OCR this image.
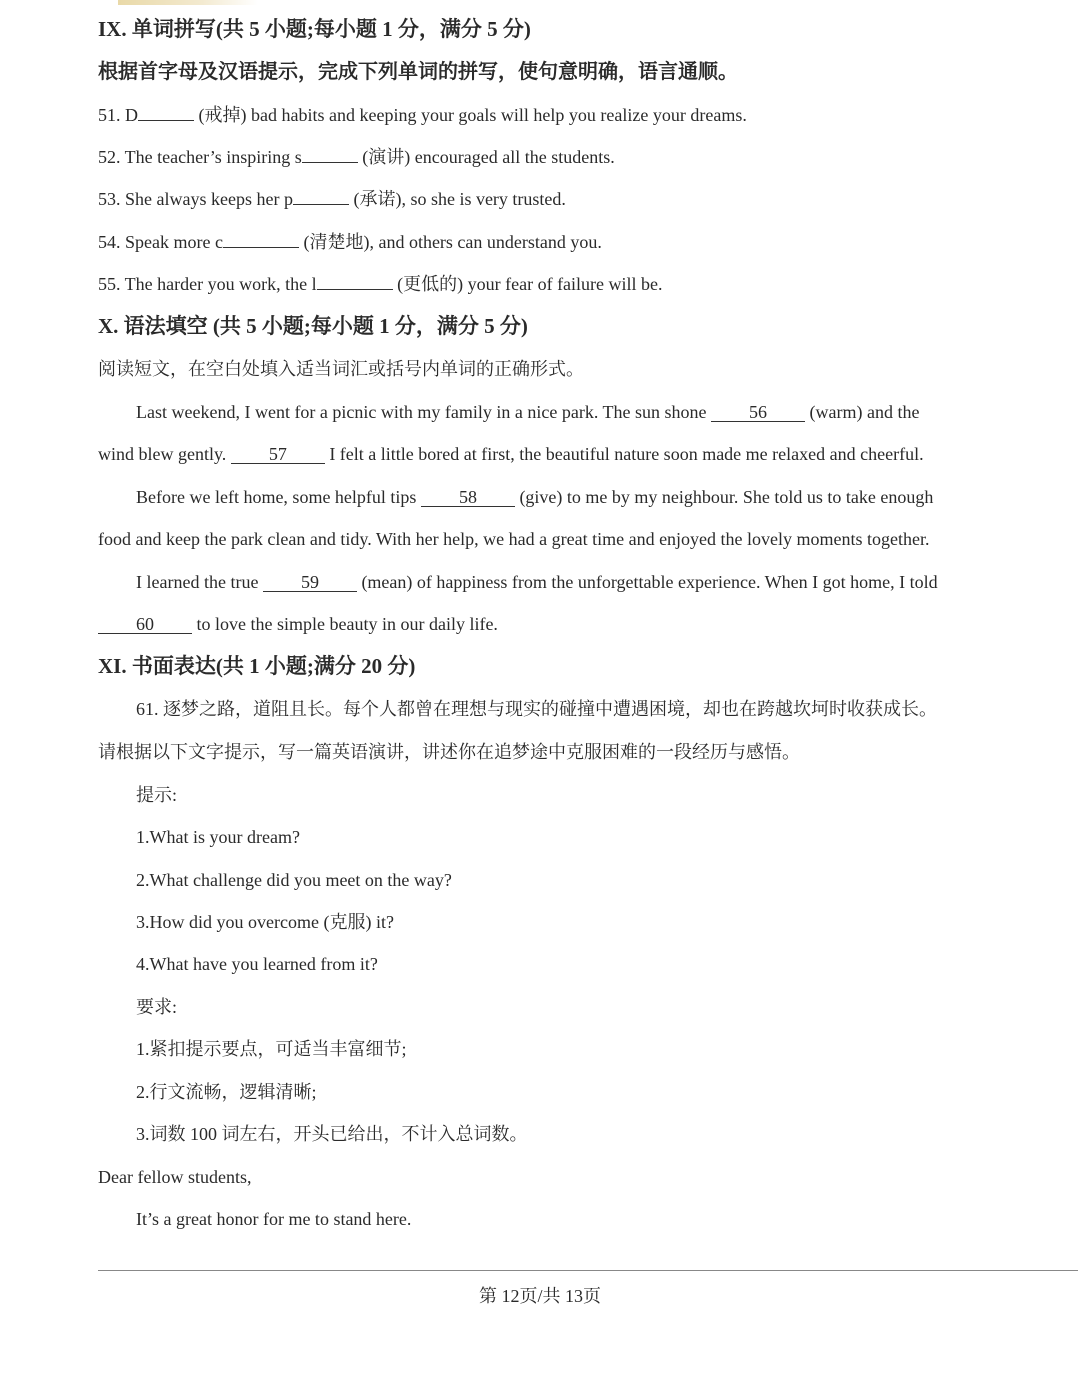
IX. 单词拼写(共 5 小题;每小题 1 分，满分 5 分)
根据首字母及汉语提示，完成下列单词的拼写，使句意明确，语言通顺。
51. D	(戒掉) bad habits and keeping your goals will help you realize your dreams.
52. The teacher’s inspiring s	(演讲) encouraged all the students.
53. She always keeps her p	(承诺), so she is very trusted.
54. Speak more c	(清楚地), and others can understand you.
55. The harder you work, the l	(更低的) your fear of failure will be.
X. 语法填空 (共 5 小题;每小题 1 分，满分 5 分)
阅读短文，在空白处填入适当词汇或括号内单词的正确形式。
Last weekend, I went for a picnic with my family in a nice park. The sun shone 56 (warm) and the
wind blew gently. 57 I felt a little bored at first, the beautiful nature soon made me relaxed and cheerful.
Before we left home, some helpful tips 58 (give) to me by my neighbour. She told us to take enough
food and keep the park clean and tidy. With her help, we had a great time and enjoyed the lovely moments together.
I learned the true 59 (mean) of happiness from the unforgettable experience. When I got home, I told
60 to love the simple beauty in our daily life.
XI. 书面表达(共 1 小题;满分 20 分)
61. 逐梦之路，道阻且长。每个人都曾在理想与现实的碰撞中遭遇困境，却也在跨越坎坷时收获成长。
请根据以下文字提示，写一篇英语演讲，讲述你在追梦途中克服困难的一段经历与感悟。
提示:
1.What is your dream?
2.What challenge did you meet on the way?
3.How did you overcome (克服) it?
4.What have you learned from it?
要求:
1.紧扣提示要点，可适当丰富细节;
2.行文流畅，逻辑清晰;
3.词数 100 词左右，开头已给出，不计入总词数。
Dear fellow students,
It’s a great honor for me to stand here.
第 12页/共 13页
